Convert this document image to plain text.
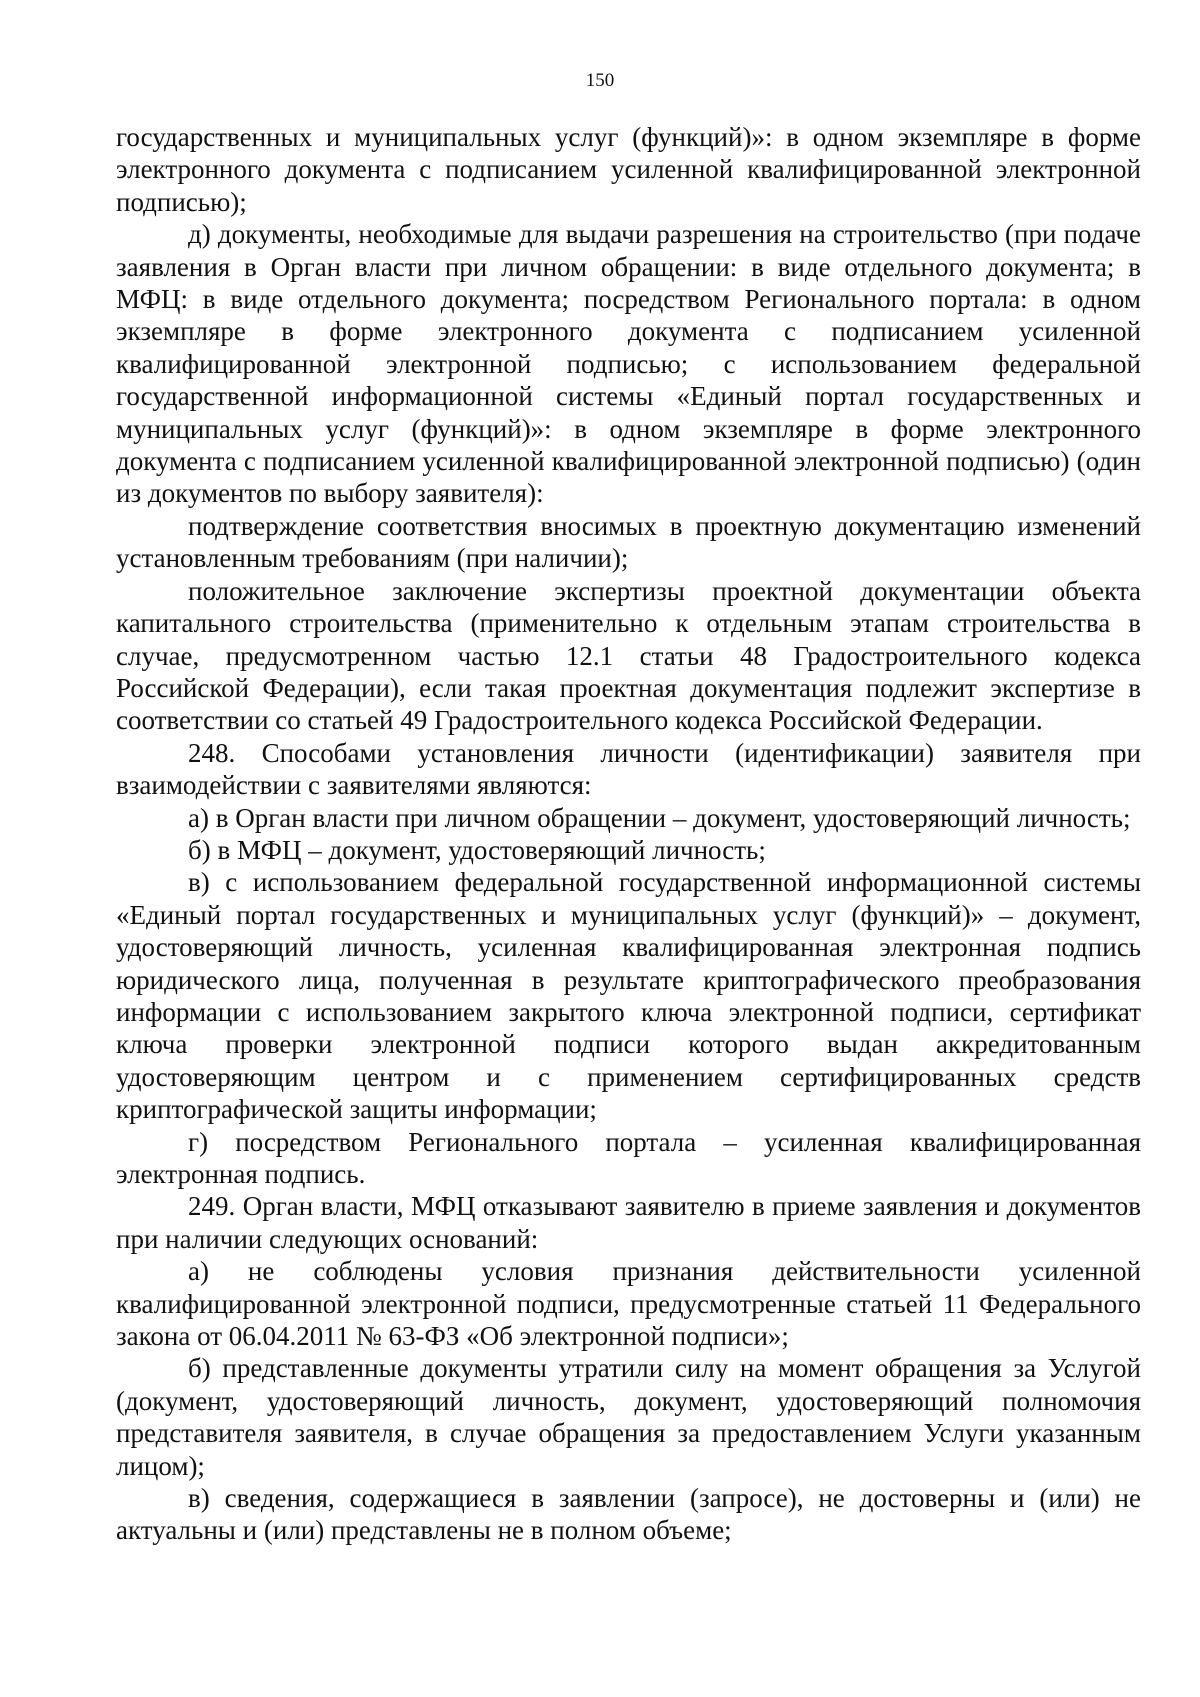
150

государственных и муниципальных услуг (функций)»: в одном экземпляре в форме электронного документа с подписанием усиленной квалифицированной электронной подписью);

д) документы, необходимые для выдачи разрешения на строительство (при подаче заявления в Орган власти при личном обращении: в виде отдельного документа; в МФЦ: в виде отдельного документа; посредством Регионального портала: в одном экземпляре в форме электронного документа с подписанием усиленной квалифицированной электронной подписью; с использованием федеральной государственной информационной системы «Единый портал государственных и муниципальных услуг (функций)»: в одном экземпляре в форме электронного документа с подписанием усиленной квалифицированной электронной подписью) (один из документов по выбору заявителя):

подтверждение соответствия вносимых в проектную документацию изменений установленным требованиям (при наличии);

положительное заключение экспертизы проектной документации объекта капитального строительства (применительно к отдельным этапам строительства в случае, предусмотренном частью 12.1 статьи 48 Градостроительного кодекса Российской Федерации), если такая проектная документация подлежит экспертизе в соответствии со статьей 49 Градостроительного кодекса Российской Федерации.

248. Способами установления личности (идентификации) заявителя при взаимодействии с заявителями являются:

а) в Орган власти при личном обращении – документ, удостоверяющий личность;

б) в МФЦ – документ, удостоверяющий личность;

в) с использованием федеральной государственной информационной системы «Единый портал государственных и муниципальных услуг (функций)» – документ, удостоверяющий личность, усиленная квалифицированная электронная подпись юридического лица, полученная в результате криптографического преобразования информации с использованием закрытого ключа электронной подписи, сертификат ключа проверки электронной подписи которого выдан аккредитованным удостоверяющим центром и с применением сертифицированных средств криптографической защиты информации;

г) посредством Регионального портала – усиленная квалифицированная электронная подпись.

249. Орган власти, МФЦ отказывают заявителю в приеме заявления и документов при наличии следующих оснований:

а) не соблюдены условия признания действительности усиленной квалифицированной электронной подписи, предусмотренные статьей 11 Федерального закона от 06.04.2011 № 63-ФЗ «Об электронной подписи»;

б) представленные документы утратили силу на момент обращения за Услугой (документ, удостоверяющий личность, документ, удостоверяющий полномочия представителя заявителя, в случае обращения за предоставлением Услуги указанным лицом);

в) сведения, содержащиеся в заявлении (запросе), не достоверны и (или) не актуальны и (или) представлены не в полном объеме;
